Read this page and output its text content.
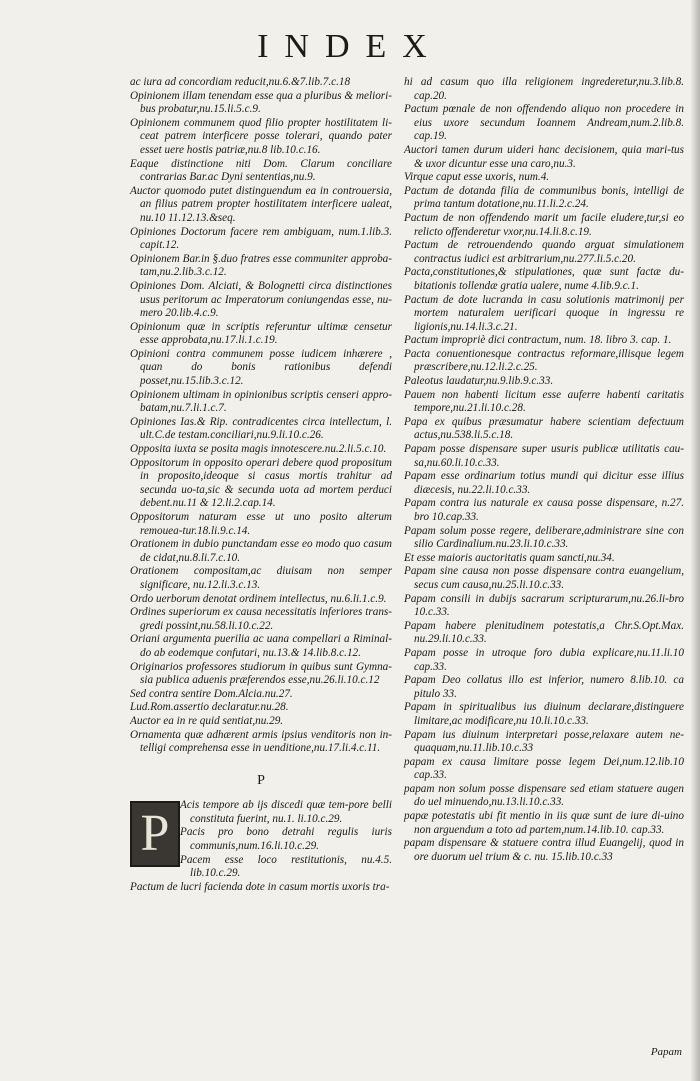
INDEX

ac iura ad concordiam reducit,nu.6.&7.lib.7.c.18

Opinionem illam tenendam esse qua a pluribus & meliori-bus probatur,nu.15.li.5.c.9.

Opinionem communem quod filio propter hostilitatem li-ceat patrem interficere posse tolerari, quando pater esset uere hostis patriæ,nu.8 lib.10.c.16.

Eaque distinctione niti Dom. Clarum conciliare contrarias Bar.ac Dyni sententias,nu.9.

Auctor quomodo putet distinguendum ea in controuersia, an filius patrem propter hostilitatem interficere ualeat, nu.10 11.12.13.&seq.

Opiniones Doctorum facere rem ambiguam, num.1.lib.3. capit.12.

Opinionem Bar.in §.duo fratres esse communiter approba-tam,nu.2.lib.3.c.12.

Opiniones Dom. Alciati, & Bolognetti circa distinctiones usus peritorum ac Imperatorum coniungendas esse, nu-mero 20.lib.4.c.9.

Opinionum quæ in scriptis referuntur ultimæ censetur esse approbata,nu.17.li.1.c.19.

Opinioni contra communem posse iudicem inhærere , quan do bonis rationibus defendi posset,nu.15.lib.3.c.12.

Opinionem ultimam in opinionibus scriptis censeri appro-batam,nu.7.li.1.c.7.

Opiniones Ias.& Rip. contradicentes circa intellectum, l. ult.C.de testam.conciliari,nu.9.li.10.c.26.

Opposita iuxta se posita magis innotescere.nu.2.li.5.c.10.

Oppositorum in opposito operari debere quod propositum in proposito,ideoque si casus mortis trahitur ad secunda uo-ta,sic & secunda uota ad mortem perduci debent.nu.11 & 12.li.2.cap.14.

Oppositorum naturam esse ut uno posito alterum remoueа-tur.18.li.9.c.14.

Orationem in dubio punctandam esse eo modo quo casum de cidat,nu.8.li.7.c.10.

Orationem compositam,ac diuisam non semper significare, nu.12.li.3.c.13.

Ordo uerborum denotat ordinem intellectus, nu.6.li.1.c.9.

Ordines superiorum ex causa necessitatis inferiores trans-gredi possint,nu.58.li.10.c.22.

Oriani argumenta puerilia ac uana compellari a Riminal-do ab eodemque confutari, nu.13.& 14.lib.8.c.12.

Originarios professores studiorum in quibus sunt Gymna-sia publica aduenis præferendos esse,nu.26.li.10.c.12

Sed contra sentire Dom.Alcia.nu.27.

Lud.Rom.assertio declaratur.nu.28.

Auctor ea in re quid sentiat,nu.29.

Ornamenta quæ adhærent armis ipsius venditoris non in-telligi comprehensa esse in uenditione,nu.17.li.4.c.11.

P
P

Acis tempore ab ijs discedi quæ tem-pore belli constituta fuerint, nu.1. li.10.c.29.

Pacis pro bono detrahi regulis iuris communis,num.16.li.10.c.29.

Pacem esse loco restitutionis, nu.4.5. lib.10.c.29.

Pactum de lucri facienda dote in casum mortis uxoris tra-

hi ad casum quo illa religionem ingrederetur,nu.3.lib.8. cap.20.

Pactum pœnale de non offendendo aliquo non procedere in eius uxore secundum Ioannem Andream,num.2.lib.8. cap.19.

Auctori tamen durum uideri hanc decisionem, quia mari-tus & uxor dicuntur esse una caro,nu.3.

Virque caput esse uxoris, num.4.

Pactum de dotanda filia de communibus bonis, intelligi de prima tantum dotatione,nu.11.li.2.c.24.

Pactum de non offendendo marit um facile eludere,tur,si eo relicto offenderetur vxor,nu.14.li.8.c.19.

Pactum de retrouendendo quando arguat simulationem contractus iudici est arbitrarium,nu.277.li.5.c.20.

Pacta,constitutiones,& stipulationes, quæ sunt factæ du-bitationis tollendæ gratia ualere, nume 4.lib.9.c.1.

Pactum de dote lucranda in casu solutionis matrimonij per mortem naturalem uerificari quoque in ingressu re ligionis,nu.14.li.3.c.21.

Pactum impropriè dici contractum, num. 18. libro 3. cap. 1.

Pacta conuentionesque contractus reformare,illisque legem præscribere,nu.12.li.2.c.25.

Paleotus laudatur,nu.9.lib.9.c.33.

Pauem non habenti licitum esse auferre habenti caritatis tempore,nu.21.li.10.c.28.

Papa ex quibus præsumatur habere scientiam defectuum actus,nu.538.li.5.c.18.

Papam posse dispensare super usuris publicæ utilitatis cau-sa,nu.60.li.10.c.33.

Papam esse ordinarium totius mundi qui dicitur esse illius diæcesis, nu.22.li.10.c.33.

Papam contra ius naturale ex causa posse dispensare, n.27. bro 10.cap.33.

Papam solum posse regere, deliberare,administrare sine con silio Cardinalium.nu.23.li.10.c.33.

Et esse maioris auctoritatis quam sancti,nu.34.

Papam sine causa non posse dispensare contra euangelium, secus cum causa,nu.25.li.10.c.33.

Papam consili in dubijs sacrarum scripturarum,nu.26.li-bro 10.c.33.

Papam habere plenitudinem potestatis,a Chr.S.Opt.Max. nu.29.li.10.c.33.

Papam posse in utroque foro dubia explicare,nu.11.li.10 cap.33.

Papam Deo collatus illo est inferior, numero 8.lib.10. ca pitulo 33.

Papam in spiritualibus ius diuinum declarare,distinguere limitare,ac modificare,nu 10.li.10.c.33.

Papam ius diuinum interpretari posse,relaxare autem ne-quaquam,nu.11.lib.10.c.33

papam ex causa limitare posse legem Dei,num.12.lib.10 cap.33.

papam non solum posse dispensare sed etiam statuere augen do uel minuendo,nu.13.li.10.c.33.

papæ potestatis ubi fit mentio in iis quæ sunt de iure di-uino non arguendum a toto ad partem,num.14.lib.10. cap.33.

papam dispensare & statuere contra illud Euangelij, quod in ore duorum uel trium & c. nu. 15.lib.10.c.33

Papam
